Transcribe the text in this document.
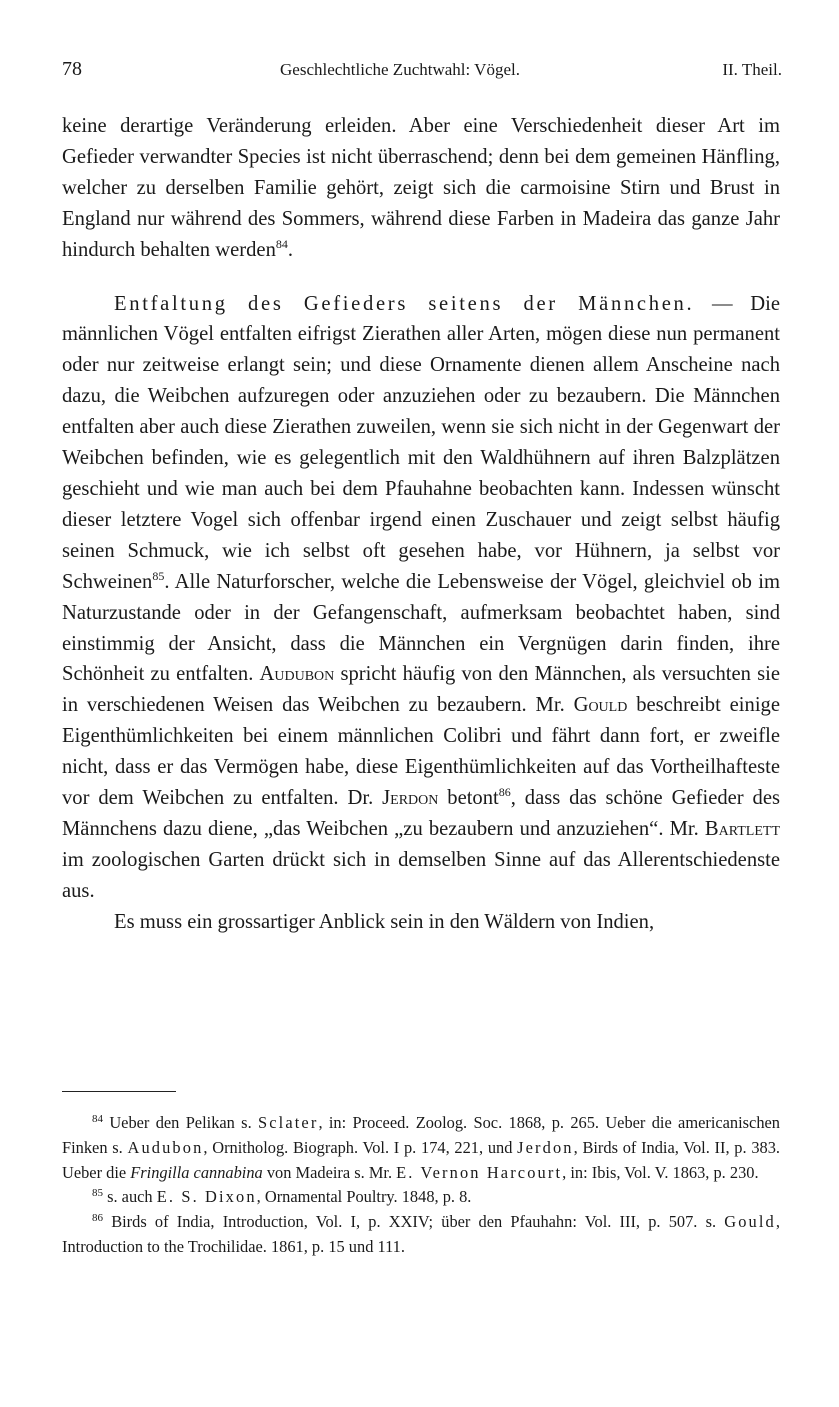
78	Geschlechtliche Zuchtwahl: Vögel.	II. Theil.

keine derartige Veränderung erleiden. Aber eine Verschiedenheit dieser Art im Gefieder verwandter Species ist nicht überraschend; denn bei dem gemeinen Hänfling, welcher zu derselben Familie gehört, zeigt sich die carmoisine Stirn und Brust in England nur während des Sommers, während diese Farben in Madeira das ganze Jahr hindurch behalten werden$^{84}$.

Entfaltung des Gefieders seitens der Männchen. — Die männlichen Vögel entfalten eifrigst Zierathen aller Arten, mögen diese nun permanent oder nur zeitweise erlangt sein; und diese Ornamente dienen allem Anscheine nach dazu, die Weibchen aufzuregen oder anzuziehen oder zu bezaubern. Die Männchen entfalten aber auch diese Zierathen zuweilen, wenn sie sich nicht in der Gegenwart der Weibchen befinden, wie es gelegentlich mit den Waldhühnern auf ihren Balzplätzen geschieht und wie man auch bei dem Pfauhahne beobachten kann. Indessen wünscht dieser letztere Vogel sich offenbar irgend einen Zuschauer und zeigt selbst häufig seinen Schmuck, wie ich selbst oft gesehen habe, vor Hühnern, ja selbst vor Schweinen$^{85}$. Alle Naturforscher, welche die Lebensweise der Vögel, gleichviel ob im Naturzustande oder in der Gefangenschaft, aufmerksam beobachtet haben, sind einstimmig der Ansicht, dass die Männchen ein Vergnügen darin finden, ihre Schönheit zu entfalten. Audubon spricht häufig von den Männchen, als versuchten sie in verschiedenen Weisen das Weibchen zu bezaubern. Mr. Gould beschreibt einige Eigenthümlichkeiten bei einem männlichen Colibri und fährt dann fort, er zweifle nicht, dass er das Vermögen habe, diese Eigenthümlichkeiten auf das Vortheilhafteste vor dem Weibchen zu entfalten. Dr. Jerdon betont$^{86}$, dass das schöne Gefieder des Männchens dazu diene, „das Weibchen „zu bezaubern und anzuziehen“. Mr. Bartlett im zoologischen Garten drückt sich in demselben Sinne auf das Allerentschiedenste aus.

Es muss ein grossartiger Anblick sein in den Wäldern von Indien,

$^{84}$ Ueber den Pelikan s. Sclater, in: Proceed. Zoolog. Soc. 1868, p. 265. Ueber die americanischen Finken s. Audubon, Ornitholog. Biograph. Vol. I p. 174, 221, und Jerdon, Birds of India, Vol. II, p. 383. Ueber die Fringilla cannabina von Madeira s. Mr. E. Vernon Harcourt, in: Ibis, Vol. V. 1863, p. 230.

$^{85}$ s. auch E. S. Dixon, Ornamental Poultry. 1848, p. 8.

$^{86}$ Birds of India, Introduction, Vol. I, p. XXIV; über den Pfauhahn: Vol. III, p. 507. s. Gould, Introduction to the Trochilidae. 1861, p. 15 und 111.
